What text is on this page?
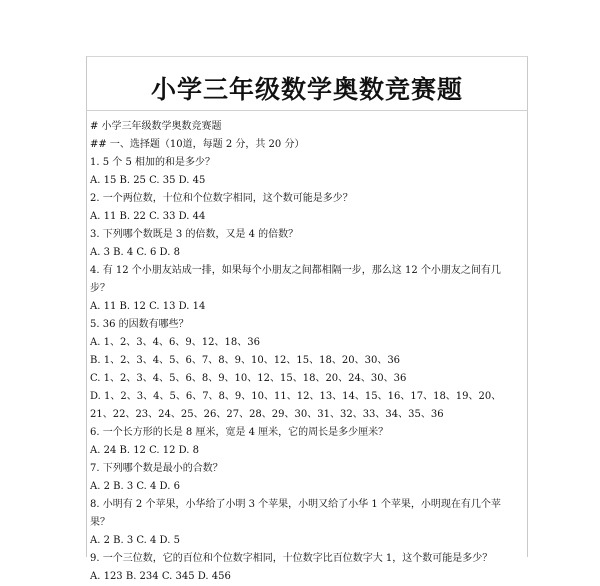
小学三年级数学奥数竞赛题
# 小学三年级数学奥数竞赛题
## 一、选择题（10道，每题 2 分，共 20 分）
1. 5 个 5 相加的和是多少？
A. 15 B. 25 C. 35 D. 45
2. 一个两位数，十位和个位数字相同，这个数可能是多少？
A. 11 B. 22 C. 33 D. 44
3. 下列哪个数既是 3 的倍数，又是 4 的倍数？
A. 3 B. 4 C. 6 D. 8
4. 有 12 个小朋友站成一排，如果每个小朋友之间都相隔一步，那么这 12 个小朋友之间有几步？
A. 11 B. 12 C. 13 D. 14
5. 36 的因数有哪些？
A. 1、2、3、4、6、9、12、18、36
B. 1、2、3、4、5、6、7、8、9、10、12、15、18、20、30、36
C. 1、2、3、4、5、6、8、9、10、12、15、18、20、24、30、36
D. 1、2、3、4、5、6、7、8、9、10、11、12、13、14、15、16、17、18、19、20、21、22、23、24、25、26、27、28、29、30、31、32、33、34、35、36
6. 一个长方形的长是 8 厘米，宽是 4 厘米，它的周长是多少厘米？
A. 24 B. 12 C. 12 D. 8
7. 下列哪个数是最小的合数？
A. 2 B. 3 C. 4 D. 6
8. 小明有 2 个苹果，小华给了小明 3 个苹果，小明又给了小华 1 个苹果，小明现在有几个苹果？
A. 2 B. 3 C. 4 D. 5
9. 一个三位数，它的百位和个位数字相同，十位数字比百位数字大 1，这个数可能是多少？
A. 123 B. 234 C. 345 D. 456
